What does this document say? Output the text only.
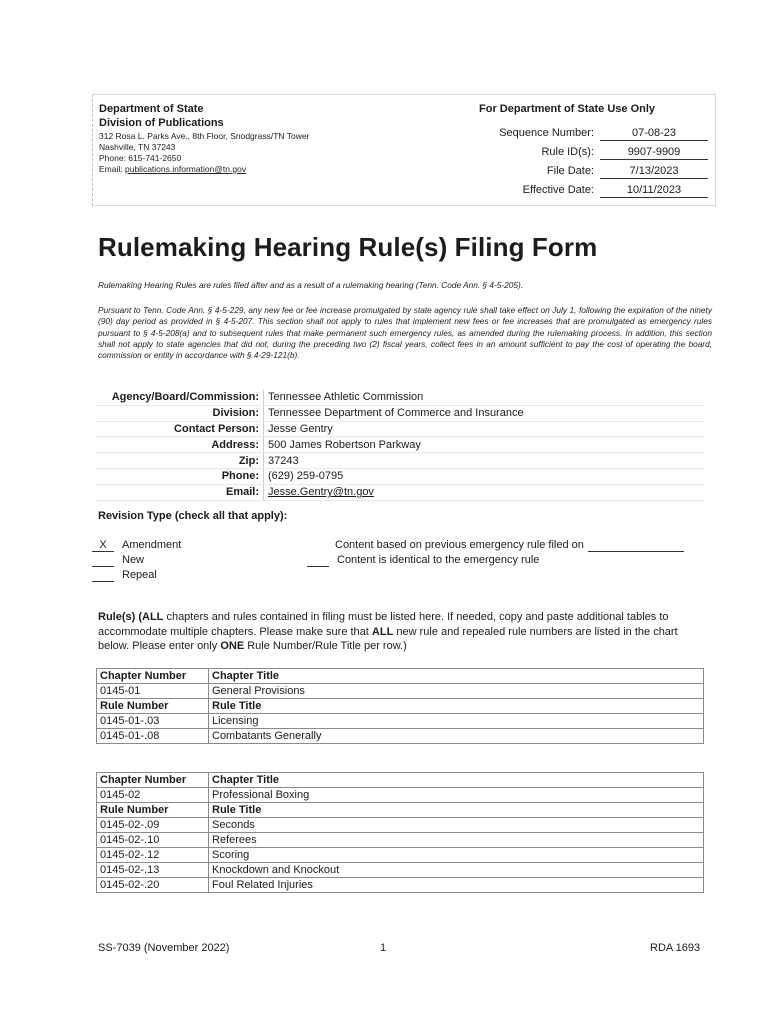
Department of State
Division of Publications
312 Rosa L. Parks Ave., 8th Floor, Snodgrass/TN Tower
Nashville, TN 37243
Phone: 615-741-2650
Email: publications.information@tn.gov
For Department of State Use Only
Sequence Number:	07-08-23
Rule ID(s):	9907-9909
File Date:	7/13/2023
Effective Date:	10/11/2023
Rulemaking Hearing Rule(s) Filing Form
Rulemaking Hearing Rules are rules filed after and as a result of a rulemaking hearing (Tenn. Code Ann. § 4-5-205).
Pursuant to Tenn. Code Ann. § 4-5-229, any new fee or fee increase promulgated by state agency rule shall take effect on July 1, following the expiration of the ninety (90) day period as provided in § 4-5-207. This section shall not apply to rules that implement new fees or fee increases that are promulgated as emergency rules pursuant to § 4-5-208(a) and to subsequent rules that make permanent such emergency rules, as amended during the rulemaking process. In addition, this section shall not apply to state agencies that did not, during the preceding two (2) fiscal years, collect fees in an amount sufficient to pay the cost of operating the board, commission or entity in accordance with § 4-29-121(b).
Agency/Board/Commission:	Tennessee Athletic Commission
Division:	Tennessee Department of Commerce and Insurance
Contact Person:	Jesse Gentry
Address:	500 James Robertson Parkway
Zip:	37243
Phone:	(629) 259-0795
Email:	Jesse.Gentry@tn.gov
Revision Type (check all that apply):
X Amendment
New
Repeal
Content based on previous emergency rule filed on
Content is identical to the emergency rule
Rule(s) (ALL chapters and rules contained in filing must be listed here. If needed, copy and paste additional tables to accommodate multiple chapters. Please make sure that ALL new rule and repealed rule numbers are listed in the chart below. Please enter only ONE Rule Number/Rule Title per row.)
Chapter Number	Chapter Title
0145-01	General Provisions
Rule Number	Rule Title
0145-01-.03	Licensing
0145-01-.08	Combatants Generally
Chapter Number	Chapter Title
0145-02	Professional Boxing
Rule Number	Rule Title
0145-02-.09	Seconds
0145-02-.10	Referees
0145-02-.12	Scoring
0145-02-.13	Knockdown and Knockout
0145-02-.20	Foul Related Injuries
SS-7039 (November 2022)	1	RDA 1693
